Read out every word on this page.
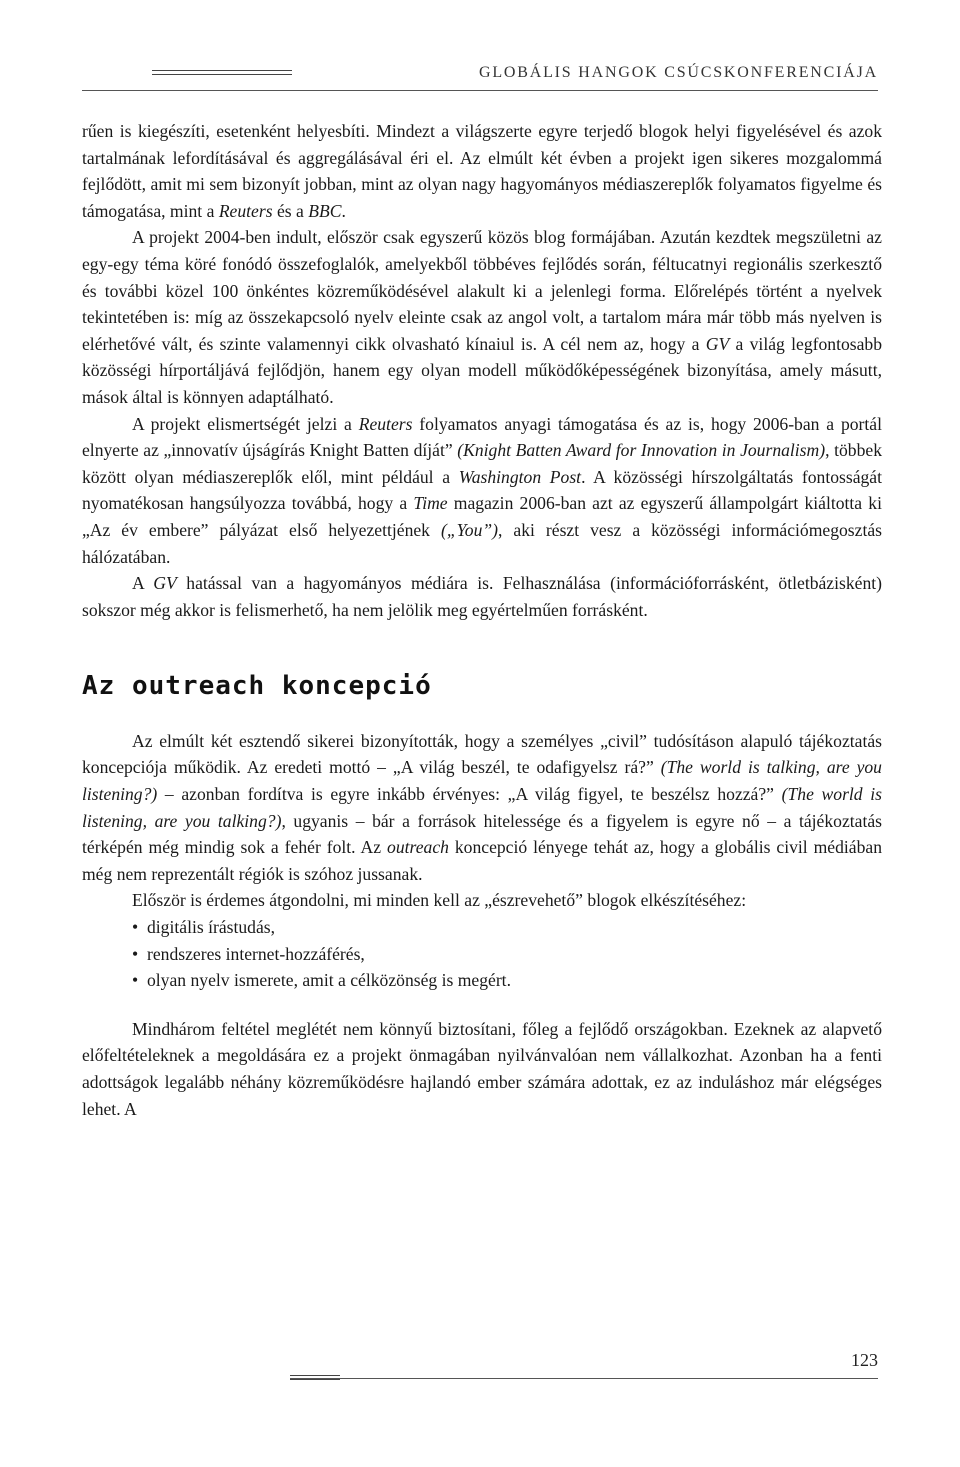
GLOBÁLIS HANGOK CSÚCSKONFERENCIÁJA

rűen is kiegészíti, esetenként helyesbíti. Mindezt a világszerte egyre terjedő blogok helyi figyelésével és azok tartalmának lefordításával és aggregálásával éri el. Az elmúlt két évben a projekt igen sikeres mozgalommá fejlődött, amit mi sem bizonyít jobban, mint az olyan nagy hagyományos médiaszereplők folyamatos figyelme és támogatása, mint a Reuters és a BBC.

A projekt 2004-ben indult, először csak egyszerű közös blog formájában. Azután kezdtek megszületni az egy-egy téma köré fonódó összefoglalók, amelyekből többéves fejlődés során, féltucatnyi regionális szerkesztő és további közel 100 önkéntes közreműködésével alakult ki a jelenlegi forma. Előrelépés történt a nyelvek tekintetében is: míg az összekapcsoló nyelv eleinte csak az angol volt, a tartalom mára már több más nyelven is elérhetővé vált, és szinte valamennyi cikk olvasható kínaiul is. A cél nem az, hogy a GV a világ legfontosabb közösségi hírportáljává fejlődjön, hanem egy olyan modell működőképességének bizonyítása, amely másutt, mások által is könnyen adaptálható.

A projekt elismertségét jelzi a Reuters folyamatos anyagi támogatása és az is, hogy 2006-ban a portál elnyerte az „innovatív újságírás Knight Batten díját” (Knight Batten Award for Innovation in Journalism), többek között olyan médiaszereplők elől, mint például a Washington Post. A közösségi hírszolgáltatás fontosságát nyomatékosan hangsúlyozza továbbá, hogy a Time magazin 2006-ban azt az egyszerű állampolgárt kiáltotta ki „Az év embere” pályázat első helyezettjének („You”), aki részt vesz a közösségi információmegosztás hálózatában.

A GV hatással van a hagyományos médiára is. Felhasználása (információforrásként, ötletbázisként) sokszor még akkor is felismerhető, ha nem jelölik meg egyértelműen forrásként.

Az outreach koncepció

Az elmúlt két esztendő sikerei bizonyították, hogy a személyes „civil” tudósításon alapuló tájékoztatás koncepciója működik. Az eredeti mottó – „A világ beszél, te odafigyelsz rá?” (The world is talking, are you listening?) – azonban fordítva is egyre inkább érvényes: „A világ figyel, te beszélsz hozzá?” (The world is listening, are you talking?), ugyanis – bár a források hitelessége és a figyelem is egyre nő – a tájékoztatás térképén még mindig sok a fehér folt. Az outreach koncepció lényege tehát az, hogy a globális civil médiában még nem reprezentált régiók is szóhoz jussanak.

Először is érdemes átgondolni, mi minden kell az „észrevehető” blogok elkészítéséhez:

• digitális írástudás,
• rendszeres internet-hozzáférés,
• olyan nyelv ismerete, amit a célközönség is megért.

Mindhárom feltétel meglétét nem könnyű biztosítani, főleg a fejlődő országokban. Ezeknek az alapvető előfeltételeknek a megoldására ez a projekt önmagában nyilvánvalóan nem vállalkozhat. Azonban ha a fenti adottságok legalább néhány közreműködésre hajlandó ember számára adottak, ez az induláshoz már elégséges lehet. A

123
